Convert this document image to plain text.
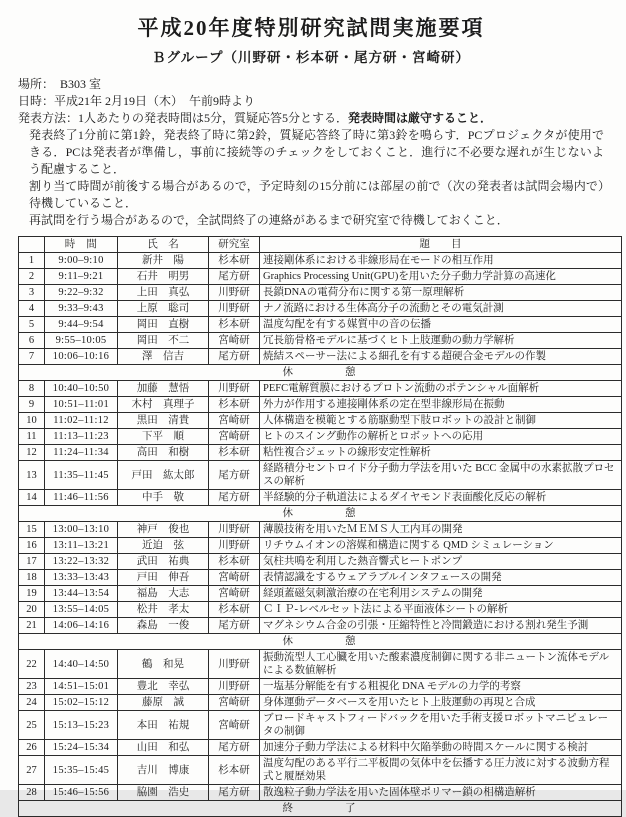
平成20年度特別研究試問実施要項
Ｂグループ（川野研・杉本研・尾方研・宮崎研）
場所：　B303 室
日時：平成21年 2月19日（木）　午前9時より
発表方法：1人あたりの発表時間は5分，質疑応答5分とする．発表時間は厳守すること．
発表終了1分前に第1鈴，発表終了時に第2鈴，質疑応答終了時に第3鈴を鳴らす．PCプロジェクタが使用できる．PCは発表者が準備し，事前に接続等のチェックをしておくこと．進行に不必要な遅れが生じないよう配慮すること．
割り当て時間が前後する場合があるので，予定時刻の15分前には部屋の前で（次の発表者は試問会場内で）待機していること．
再試問を行う場合があるので，全試問終了の連絡があるまで研究室で待機しておくこと．
	時　間	氏　名	研究室	題　　目
1	9:00–9:10	新井　陽	杉本研	連接剛体系における非線形局在モードの相互作用
2	9:11–9:21	石井　明男	尾方研	Graphics Processing Unit(GPU)を用いた分子動力学計算の高速化
3	9:22–9:32	上田　真弘	川野研	長鎖DNAの電荷分布に関する第一原理解析
4	9:33–9:43	上原　聡司	川野研	ナノ流路における生体高分子の流動とその電気計測
5	9:44–9:54	岡田　直樹	杉本研	温度勾配を有する媒質中の音の伝播
6	9:55–10:05	岡田　不二	宮崎研	冗長筋骨格モデルに基づくヒト上肢運動の動力学解析
7	10:06–10:16	澤　信吉	尾方研	焼結スペーサー法による細孔を有する超硬合金モデルの作製
休　　　　憩				
8	10:40–10:50	加藤　慧悟	川野研	PEFC電解質膜におけるプロトン流動のポテンシャル面解析
9	10:51–11:01	木村　真理子	杉本研	外力が作用する連接剛体系の定在型非線形局在振動
10	11:02–11:12	黒田　清貴	宮崎研	人体構造を模範とする筋駆動型下肢ロボットの設計と制御
11	11:13–11:23	下平　順	宮崎研	ヒトのスイング動作の解析とロボットへの応用
12	11:24–11:34	高田　和樹	杉本研	粘性複合ジェットの線形安定性解析
13	11:35–11:45	戸田　紘太郎	尾方研	経路積分セントロイド分子動力学法を用いた BCC 金属中の水素拡散プロセスの解析
14	11:46–11:56	中手　敬	尾方研	半経験的分子軌道法によるダイヤモンド表面酸化反応の解析
休　　　　憩				
15	13:00–13:10	神戸　俊也	川野研	薄膜技術を用いたＭＥＭＳ人工内耳の開発
16	13:11–13:21	近迫　弦	川野研	リチウムイオンの溶媒和構造に関する QMD シミュレーション
17	13:22–13:32	武田　祐典	杉本研	気柱共鳴を利用した熱音響式ヒートポンプ
18	13:33–13:43	戸田　伸吾	宮崎研	表情認識をするウェアラブルインタフェースの開発
19	13:44–13:54	福島　大志	宮崎研	経頭蓋磁気刺激治療の在宅利用システムの開発
20	13:55–14:05	松井　孝太	杉本研	ＣＩＰ-レベルセット法による平面液体シートの解析
21	14:06–14:16	森島　一俊	尾方研	マグネシウム合金の引張・圧縮特性と冷間鍛造における割れ発生予測
休　　　　憩				
22	14:40–14:50	鶴　和晃	川野研	振動流型人工心臓を用いた酸素濃度制御に関する非ニュートン流体モデルによる数値解析
23	14:51–15:01	豊北　幸弘	川野研	一塩基分解能を有する粗視化 DNA モデルの力学的考察
24	15:02–15:12	藤原　誠	宮崎研	身体運動データベースを用いたヒト上肢運動の再現と合成
25	15:13–15:23	本田　祐規	宮崎研	ブロードキャストフィードバックを用いた手術支援ロボットマニピュレータの制御
26	15:24–15:34	山田　和弘	尾方研	加速分子動力学法による材料中欠陥挙動の時間スケールに関する検討
27	15:35–15:45	吉川　博康	杉本研	温度勾配のある平行二平板間の気体中を伝播する圧力波に対する波動方程式と履歴効果
28	15:46–15:56	脇園　浩史	尾方研	散逸粒子動力学法を用いた固体壁ポリマー鎖の相構造解析
終　　　　了				
